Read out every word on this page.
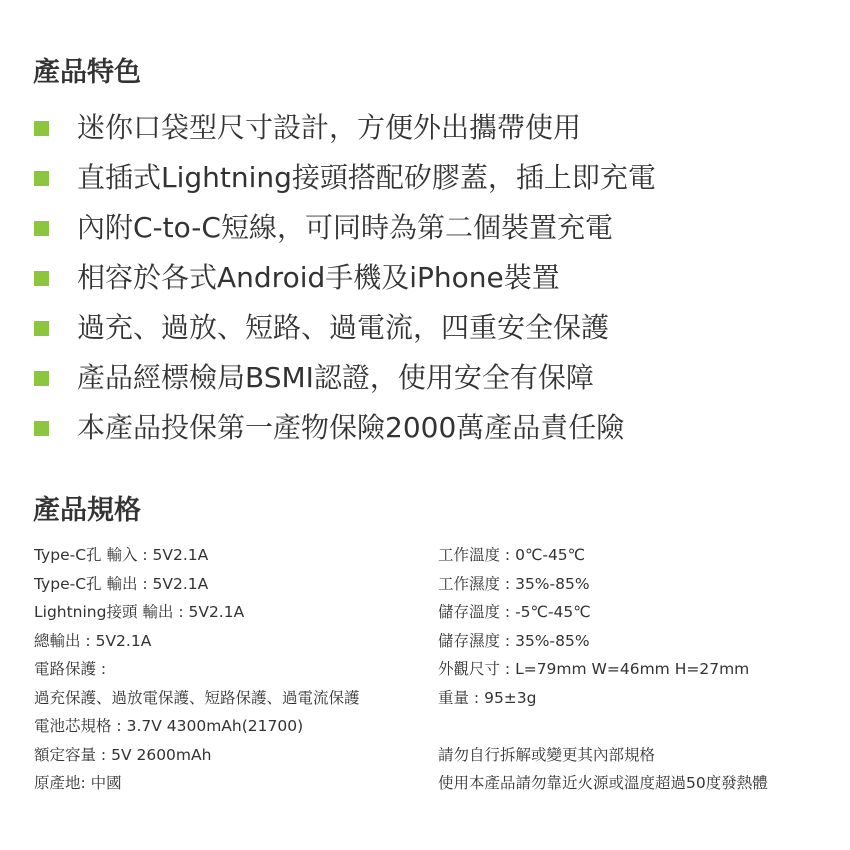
產品特色
迷你口袋型尺寸設計，方便外出攜帶使用
直插式Lightning接頭搭配矽膠蓋，插上即充電
內附C-to-C短線，可同時為第二個裝置充電
相容於各式Android手機及iPhone裝置
過充、過放、短路、過電流，四重安全保護
產品經標檢局BSMI認證，使用安全有保障
本產品投保第一產物保險2000萬產品責任險
產品規格
Type-C孔 輸入 : 5V2.1A
Type-C孔 輸出 : 5V2.1A
Lightning接頭 輸出 : 5V2.1A
總輸出 : 5V2.1A
電路保護 :
過充保護、過放電保護、短路保護、過電流保護
電池芯規格 : 3.7V 4300mAh(21700)
額定容量 : 5V 2600mAh
原產地: 中國
工作溫度 : 0℃-45℃
工作濕度 : 35%-85%
儲存溫度 : -5℃-45℃
儲存濕度 : 35%-85%
外觀尺寸 : L=79mm W=46mm H=27mm
重量 : 95±3g
請勿自行拆解或變更其內部規格
使用本產品請勿靠近火源或溫度超過50度發熱體
